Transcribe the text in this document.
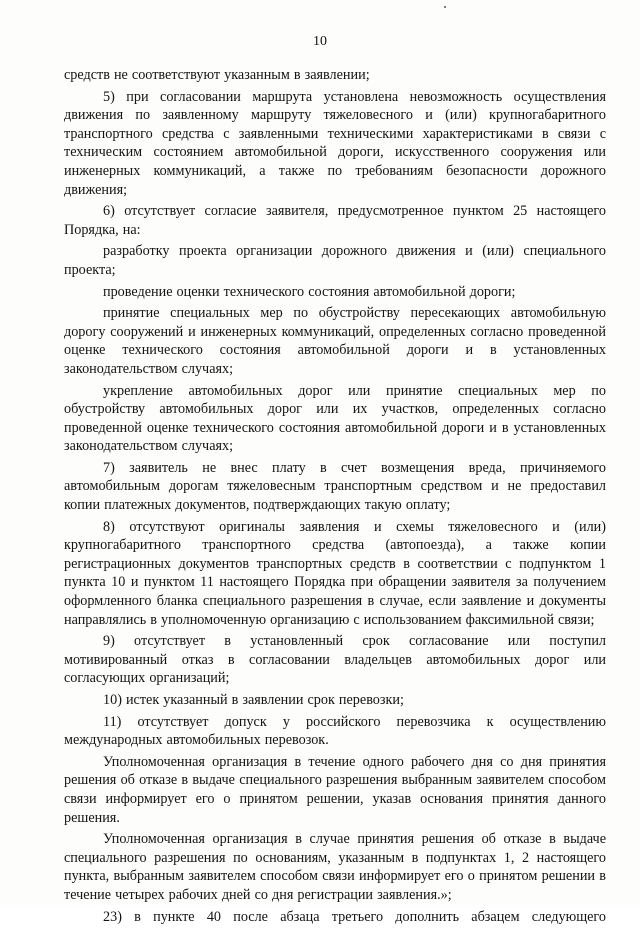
10

средств не соответствуют указанным в заявлении;

5) при согласовании маршрута установлена невозможность осуществления движения по заявленному маршруту тяжеловесного и (или) крупногабаритного транспортного средства с заявленными техническими характеристиками в связи с техническим состоянием автомобильной дороги, искусственного сооружения или инженерных коммуникаций, а также по требованиям безопасности дорожного движения;

6) отсутствует согласие заявителя, предусмотренное пунктом 25 настоящего Порядка, на:

разработку проекта организации дорожного движения и (или) специального проекта;

проведение оценки технического состояния автомобильной дороги;

принятие специальных мер по обустройству пересекающих автомобильную дорогу сооружений и инженерных коммуникаций, определенных согласно проведенной оценке технического состояния автомобильной дороги и в установленных законодательством случаях;

укрепление автомобильных дорог или принятие специальных мер по обустройству автомобильных дорог или их участков, определенных согласно проведенной оценке технического состояния автомобильной дороги и в установленных законодательством случаях;

7) заявитель не внес плату в счет возмещения вреда, причиняемого автомобильным дорогам тяжеловесным транспортным средством и не предоставил копии платежных документов, подтверждающих такую оплату;

8) отсутствуют оригиналы заявления и схемы тяжеловесного и (или) крупногабаритного транспортного средства (автопоезда), а также копии регистрационных документов транспортных средств в соответствии с подпунктом 1 пункта 10 и пунктом 11 настоящего Порядка при обращении заявителя за получением оформленного бланка специального разрешения в случае, если заявление и документы направлялись в уполномоченную организацию с использованием факсимильной связи;

9) отсутствует в установленный срок согласование или поступил мотивированный отказ в согласовании владельцев автомобильных дорог или согласующих организаций;

10) истек указанный в заявлении срок перевозки;

11) отсутствует допуск у российского перевозчика к осуществлению международных автомобильных перевозок.

Уполномоченная организация в течение одного рабочего дня со дня принятия решения об отказе в выдаче специального разрешения выбранным заявителем способом связи информирует его о принятом решении, указав основания принятия данного решения.

Уполномоченная организация в случае принятия решения об отказе в выдаче специального разрешения по основаниям, указанным в подпунктах 1, 2 настоящего пункта, выбранным заявителем способом связи информирует его о принятом решении в течение четырех рабочих дней со дня регистрации заявления.»;

23) в пункте 40 после абзаца третьего дополнить абзацем следующего
